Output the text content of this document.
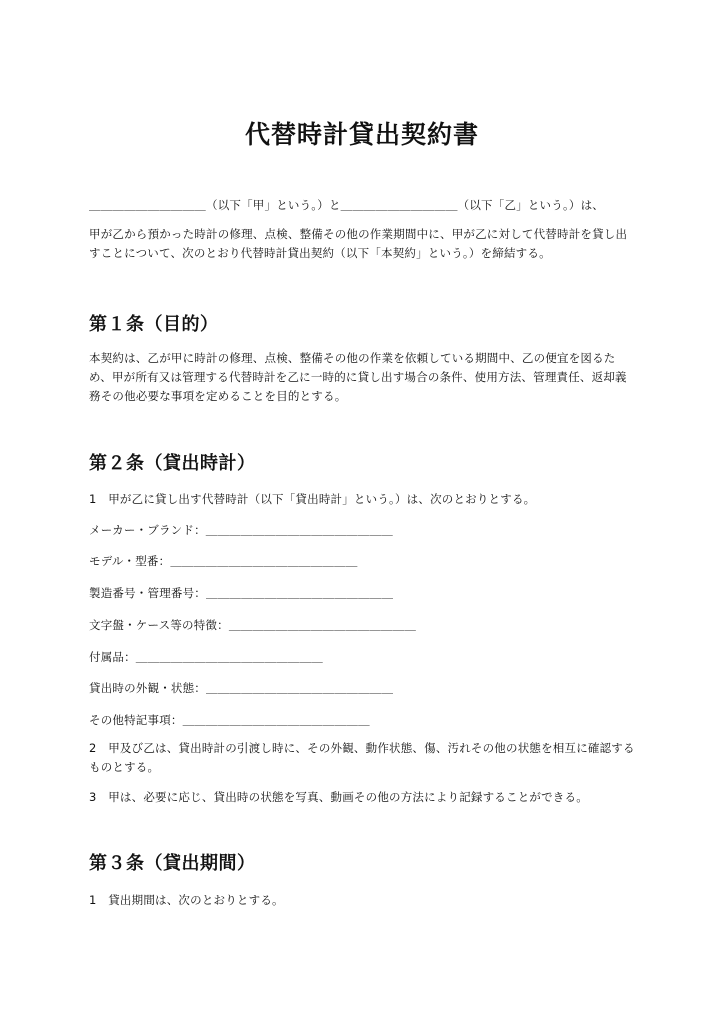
代替時計貸出契約書
＿＿＿＿＿＿＿＿＿＿（以下「甲」という。）と＿＿＿＿＿＿＿＿＿＿（以下「乙」という。）は、
甲が乙から預かった時計の修理、点検、整備その他の作業期間中に、甲が乙に対して代替時計を貸し出すことについて、次のとおり代替時計貸出契約（以下「本契約」という。）を締結する。
第１条（目的）
本契約は、乙が甲に時計の修理、点検、整備その他の作業を依頼している期間中、乙の便宜を図るため、甲が所有又は管理する代替時計を乙に一時的に貸し出す場合の条件、使用方法、管理責任、返却義務その他必要な事項を定めることを目的とする。
第２条（貸出時計）
1　甲が乙に貸し出す代替時計（以下「貸出時計」という。）は、次のとおりとする。
メーカー・ブランド：＿＿＿＿＿＿＿＿＿＿＿＿＿＿＿＿
モデル・型番：＿＿＿＿＿＿＿＿＿＿＿＿＿＿＿＿
製造番号・管理番号：＿＿＿＿＿＿＿＿＿＿＿＿＿＿＿＿
文字盤・ケース等の特徴：＿＿＿＿＿＿＿＿＿＿＿＿＿＿＿＿
付属品：＿＿＿＿＿＿＿＿＿＿＿＿＿＿＿＿
貸出時の外観・状態：＿＿＿＿＿＿＿＿＿＿＿＿＿＿＿＿
その他特記事項：＿＿＿＿＿＿＿＿＿＿＿＿＿＿＿＿
2　甲及び乙は、貸出時計の引渡し時に、その外観、動作状態、傷、汚れその他の状態を相互に確認するものとする。
3　甲は、必要に応じ、貸出時の状態を写真、動画その他の方法により記録することができる。
第３条（貸出期間）
1　貸出期間は、次のとおりとする。
